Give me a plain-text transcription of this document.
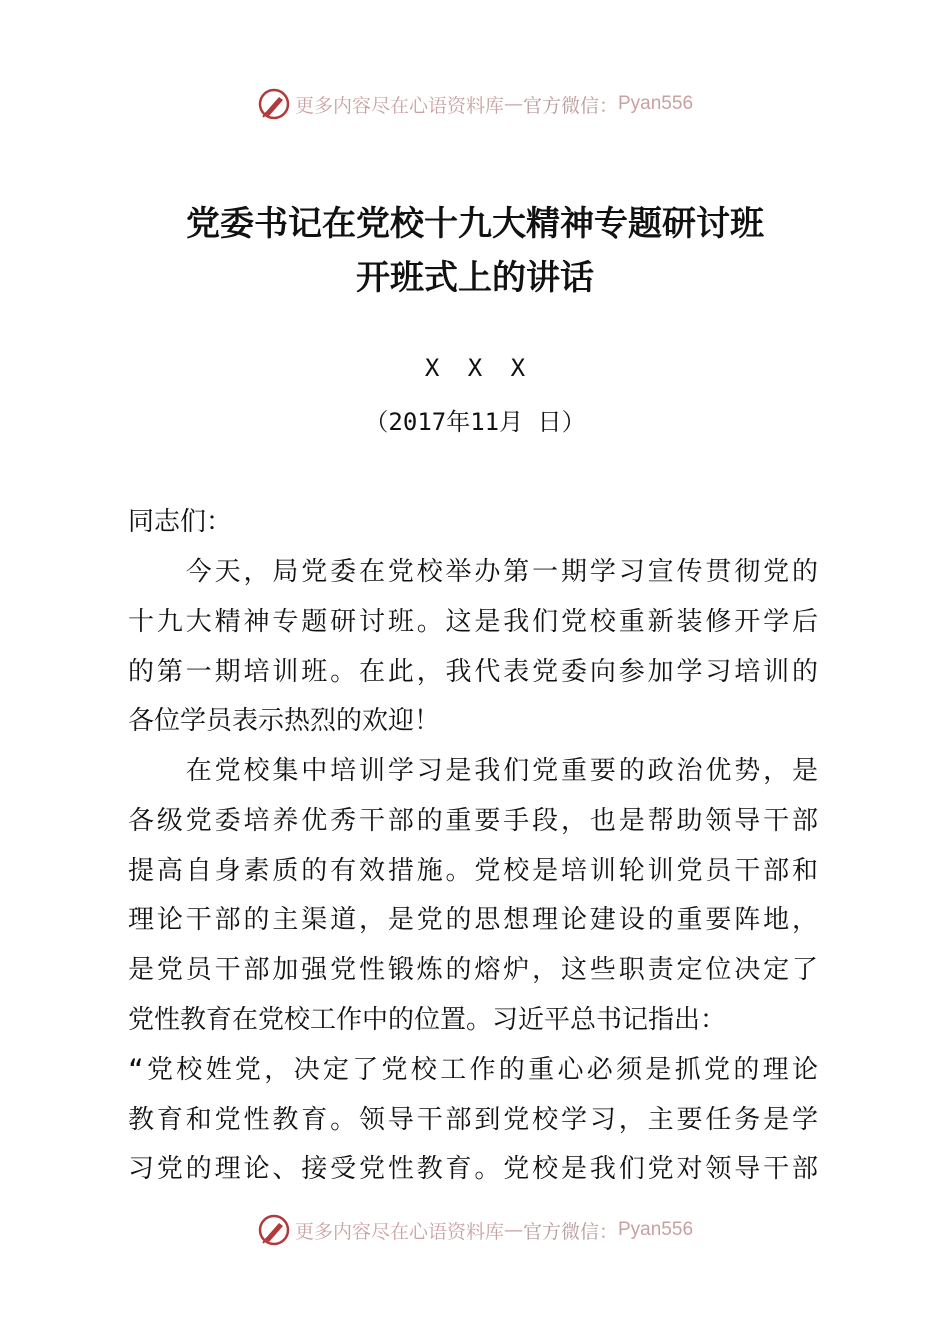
更多内容尽在心语资料库 — 官方微信： Pyan556
党委书记在党校十九大精神专题研讨班
开班式上的讲话
X X X
（2017年11月 日）
同志们：
　　今天，局党委在党校举办第一期学习宣传贯彻党的
十九大精神专题研讨班。这是我们党校重新装修开学后
的第一期培训班。在此，我代表党委向参加学习培训的
各位学员表示热烈的欢迎！
　　在党校集中培训学习是我们党重要的政治优势，是
各级党委培养优秀干部的重要手段，也是帮助领导干部
提高自身素质的有效措施。党校是培训轮训党员干部和
理论干部的主渠道，是党的思想理论建设的重要阵地，
是党员干部加强党性锻炼的熔炉，这些职责定位决定了
党性教育在党校工作中的位置。习近平总书记指出：
“党校姓党，决定了党校工作的重心必须是抓党的理论
教育和党性教育。领导干部到党校学习，主要任务是学
习党的理论、接受党性教育。党校是我们党对领导干部
更多内容尽在心语资料库 — 官方微信： Pyan556
